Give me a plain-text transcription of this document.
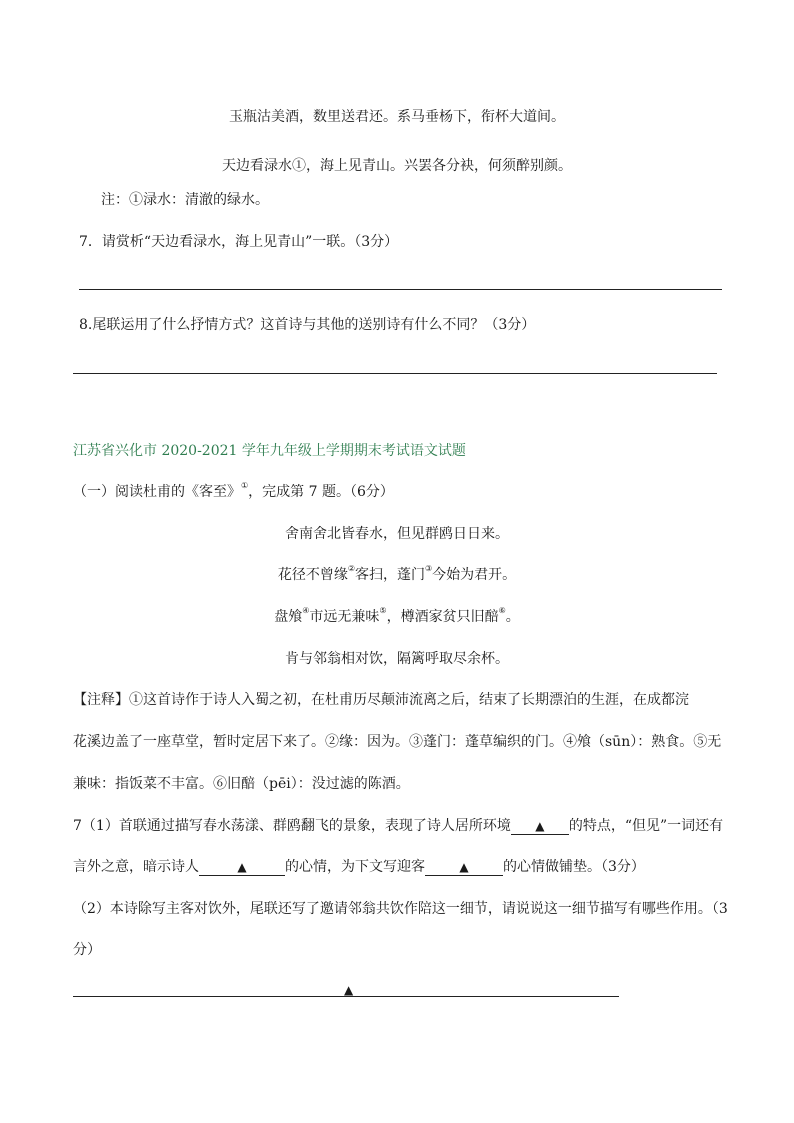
玉瓶沽美酒，数里送君还。系马垂杨下，衔杯大道间。
天边看渌水①，海上见青山。兴罢各分袂，何须醉别颜。
注：①渌水：清澈的绿水。
7．请赏析“天边看渌水，海上见青山”一联。（3分）
8.尾联运用了什么抒情方式？这首诗与其他的送别诗有什么不同？（3分）
江苏省兴化市 2020-2021 学年九年级上学期期末考试语文试题
（一）阅读杜甫的《客至》①，完成第 7 题。（6分）
舍南舍北皆春水，但见群鸥日日来。
花径不曾缘②客扫，蓬门③今始为君开。
盘飧④市远无兼味⑤，樽酒家贫只旧醅⑥。
肯与邻翁相对饮，隔篱呼取尽余杯。
【注释】①这首诗作于诗人入蜀之初，在杜甫历尽颠沛流离之后，结束了长期漂泊的生涯，在成都浣
花溪边盖了一座草堂，暂时定居下来了。②缘：因为。③蓬门：蓬草编织的门。④飧（sūn）：熟食。⑤无
兼味：指饭菜不丰富。⑥旧醅（pēi）：没过滤的陈酒。
7（1）首联通过描写春水荡漾、群鸥翻飞的景象，表现了诗人居所环境 ▲ 的特点，“但见”一词还有
言外之意，暗示诗人	▲	的心情，为下文写迎客	▲ 的心情做铺垫。（3分）
（2）本诗除写主客对饮外，尾联还写了邀请邻翁共饮作陪这一细节，请说说这一细节描写有哪些作用。（3
分）
▲
